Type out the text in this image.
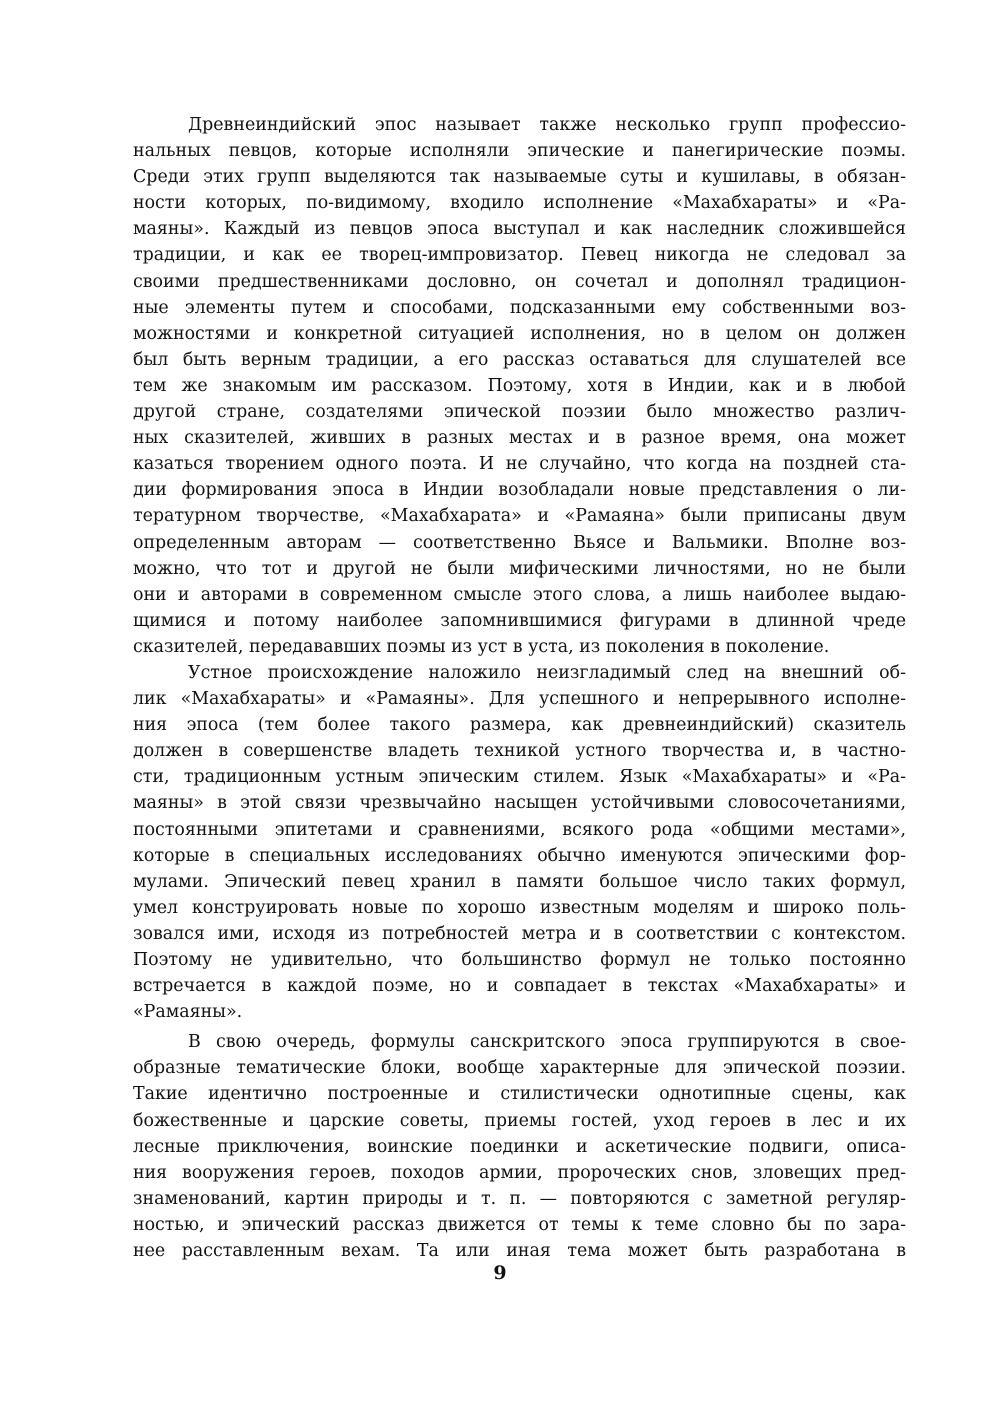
Древнеиндийский эпос называет также несколько групп профессио-
нальных певцов, которые исполняли эпические и панегирические поэмы.
Среди этих групп выделяются так называемые суты и кушилавы, в обязан-
ности которых, по-видимому, входило исполнение «Махабхараты» и «Ра-
маяны». Каждый из певцов эпоса выступал и как наследник сложившейся
традиции, и как ее творец-импровизатор. Певец никогда не следовал за
своими предшественниками дословно, он сочетал и дополнял традицион-
ные элементы путем и способами, подсказанными ему собственными воз-
можностями и конкретной ситуацией исполнения, но в целом он должен
был быть верным традиции, а его рассказ оставаться для слушателей все
тем же знакомым им рассказом. Поэтому, хотя в Индии, как и в любой
другой стране, создателями эпической поэзии было множество различ-
ных сказителей, живших в разных местах и в разное время, она может
казаться творением одного поэта. И не случайно, что когда на поздней ста-
дии формирования эпоса в Индии возобладали новые представления о ли-
тературном творчестве, «Махабхарата» и «Рамаяна» были приписаны двум
определенным авторам — соответственно Вьясе и Вальмики. Вполне воз-
можно, что тот и другой не были мифическими личностями, но не были
они и авторами в современном смысле этого слова, а лишь наиболее выдаю-
щимися и потому наиболее запомнившимися фигурами в длинной чреде
сказителей, передававших поэмы из уст в уста, из поколения в поколение.
Устное происхождение наложило неизгладимый след на внешний об-
лик «Махабхараты» и «Рамаяны». Для успешного и непрерывного исполне-
ния эпоса (тем более такого размера, как древнеиндийский) сказитель
должен в совершенстве владеть техникой устного творчества и, в частно-
сти, традиционным устным эпическим стилем. Язык «Махабхараты» и «Ра-
маяны» в этой связи чрезвычайно насыщен устойчивыми словосочетаниями,
постоянными эпитетами и сравнениями, всякого рода «общими местами»,
которые в специальных исследованиях обычно именуются эпическими фор-
мулами. Эпический певец хранил в памяти большое число таких формул,
умел конструировать новые по хорошо известным моделям и широко поль-
зовался ими, исходя из потребностей метра и в соответствии с контекстом.
Поэтому не удивительно, что большинство формул не только постоянно
встречается в каждой поэме, но и совпадает в текстах «Махабхараты» и
«Рамаяны».
В свою очередь, формулы санскритского эпоса группируются в свое-
образные тематические блоки, вообще характерные для эпической поэзии.
Такие идентично построенные и стилистически однотипные сцены, как
божественные и царские советы, приемы гостей, уход героев в лес и их
лесные приключения, воинские поединки и аскетические подвиги, описа-
ния вооружения героев, походов армии, пророческих снов, зловещих пред-
знаменований, картин природы и т. п. — повторяются с заметной регуляр-
ностью, и эпический рассказ движется от темы к теме словно бы по зара-
нее расставленным вехам. Та или иная тема может быть разработана в
9
